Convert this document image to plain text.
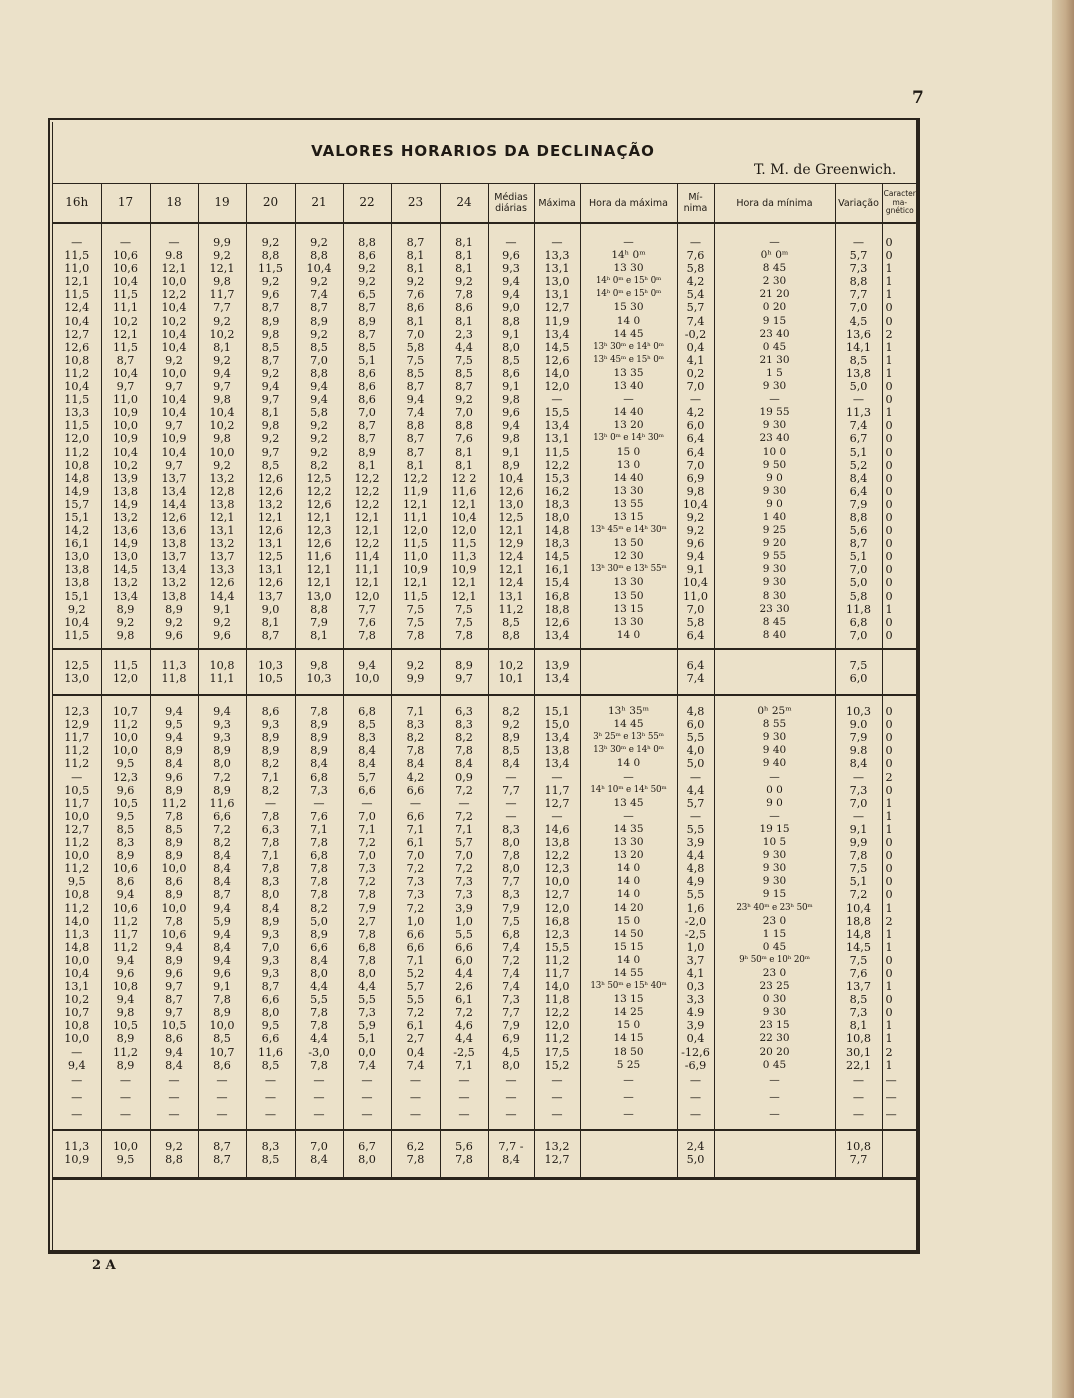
7
VALORES HORARIOS DA DECLINAÇÃO
T. M. de Greenwich.
16h	17	18	19	20	21	22	23	24	Médias diárias	Máxima	Hora da máxima	Mí-nima	Hora da mínima	Variação	Caracter ma-gnético

—	—	—	9,9	9,2	9,2	8,8	8,7	8,1	—	—	—	—	—	—	0
11,5	10,6	9.8	9,2	8,8	8,8	8,6	8,1	8,1	9,6	13,3	14ʰ 0ᵐ	7,6	0ʰ 0ᵐ	5,7	0
11,0	10,6	12,1	12,1	11,5	10,4	9,2	8,1	8,1	9,3	13,1	13 30	5,8	8 45	7,3	1
12,1	10,4	10,0	9,8	9,2	9,2	9,2	9,2	9,2	9,4	13,0	14ʰ 0ᵐ e 15ʰ 0ᵐ	4,2	2 30	8,8	1
11,5	11,5	12,2	11,7	9,6	7,4	6,5	7,6	7,8	9,4	13,1	14ʰ 0ᵐ e 15ʰ 0ᵐ	5,4	21 20	7,7	1
12,4	11,1	10,4	7,7	8,7	8,7	8,7	8,6	8,6	9,0	12,7	15 30	5,7	0 20	7,0	0
10,4	10,2	10,2	9,2	8,9	8,9	8,9	8,1	8,1	8,8	11,9	14 0	7,4	9 15	4,5	0
12,7	12,1	10,4	10,2	9,8	9,2	8,7	7,0	2,3	9,1	13,4	14 45	-0,2	23 40	13,6	2
12,6	11,5	10,4	8,1	8,5	8,5	8,5	5,8	4,4	8,0	14,5	13ʰ 30ᵐ e 14ʰ 0ᵐ	0,4	0 45	14,1	1
10,8	8,7	9,2	9,2	8,7	7,0	5,1	7,5	7,5	8,5	12,6	13ʰ 45ᵐ e 15ʰ 0ᵐ	4,1	21 30	8,5	1
11,2	10,4	10,0	9,4	9,2	8,8	8,6	8,5	8,5	8,6	14,0	13 35	0,2	1 5	13,8	1
10,4	9,7	9,7	9,7	9,4	9,4	8,6	8,7	8,7	9,1	12,0	13 40	7,0	9 30	5,0	0
11,5	11,0	10,4	9,8	9,7	9,4	8,6	9,4	9,2	9,8	—	—	—	—	—	0
13,3	10,9	10,4	10,4	8,1	5,8	7,0	7,4	7,0	9,6	15,5	14 40	4,2	19 55	11,3	1
11,5	10,0	9,7	10,2	9,8	9,2	8,7	8,8	8,8	9,4	13,4	13 20	6,0	9 30	7,4	0
12,0	10,9	10,9	9,8	9,2	9,2	8,7	8,7	7,6	9,8	13,1	13ʰ 0ᵐ e 14ʰ 30ᵐ	6,4	23 40	6,7	0
11,2	10,4	10,4	10,0	9,7	9,2	8,9	8,7	8,1	9,1	11,5	15 0	6,4	10 0	5,1	0
10,8	10,2	9,7	9,2	8,5	8,2	8,1	8,1	8,1	8,9	12,2	13 0	7,0	9 50	5,2	0
14,8	13,9	13,7	13,2	12,6	12,5	12,2	12,2	12 2	10,4	15,3	14 40	6,9	9 0	8,4	0
14,9	13,8	13,4	12,8	12,6	12,2	12,2	11,9	11,6	12,6	16,2	13 30	9,8	9 30	6,4	0
15,7	14,9	14,4	13,8	13,2	12,6	12,2	12,1	12,1	13,0	18,3	13 55	10,4	9 0	7,9	0
15,1	13,2	12,6	12,1	12,1	12,1	12,1	11,1	10,4	12,5	18,0	13 15	9,2	1 40	8,8	0
14,2	13,6	13,6	13,1	12,6	12,3	12,1	12,0	12,0	12,1	14,8	13ʰ 45ᵐ e 14ʰ 30ᵐ	9,2	9 25	5,6	0
16,1	14,9	13,8	13,2	13,1	12,6	12,2	11,5	11,5	12,9	18,3	13 50	9,6	9 20	8,7	0
13,0	13,0	13,7	13,7	12,5	11,6	11,4	11,0	11,3	12,4	14,5	12 30	9,4	9 55	5,1	0
13,8	14,5	13,4	13,3	13,1	12,1	11,1	10,9	10,9	12,1	16,1	13ʰ 30ᵐ e 13ʰ 55ᵐ	9,1	9 30	7,0	0
13,8	13,2	13,2	12,6	12,6	12,1	12,1	12,1	12,1	12,4	15,4	13 30	10,4	9 30	5,0	0
15,1	13,4	13,8	14,4	13,7	13,0	12,0	11,5	12,1	13,1	16,8	13 50	11,0	8 30	5,8	0
9,2	8,9	8,9	9,1	9,0	8,8	7,7	7,5	7,5	11,2	18,8	13 15	7,0	23 30	11,8	1
10,4	9,2	9,2	9,2	8,1	7,9	7,6	7,5	7,5	8,5	12,6	13 30	5,8	8 45	6,8	0
11,5	9,8	9,6	9,6	8,7	8,1	7,8	7,8	7,8	8,8	13,4	14 0	6,4	8 40	7,0	0

12,5	11,5	11,3	10,8	10,3	9,8	9,4	9,2	8,9	10,2	13,9		6,4		7,5	
13,0	12,0	11,8	11,1	10,5	10,3	10,0	9,9	9,7	10,1	13,4		7,4		6,0	

12,3	10,7	9,4	9,4	8,6	7,8	6,8	7,1	6,3	8,2	15,1	13ʰ 35ᵐ	4,8	0ʰ 25ᵐ	10,3	0
12,9	11,2	9,5	9,3	9,3	8,9	8,5	8,3	8,3	9,2	15,0	14 45	6,0	8 55	9.0	0
11,7	10,0	9,4	9,3	8,9	8,9	8,3	8,2	8,2	8,9	13,4	3ʰ 25ᵐ e 13ʰ 55ᵐ	5,5	9 30	7,9	0
11,2	10,0	8,9	8,9	8,9	8,9	8,4	7,8	7,8	8,5	13,8	13ʰ 30ᵐ e 14ʰ 0ᵐ	4,0	9 40	9.8	0
11,2	9,5	8,4	8,0	8,2	8,4	8,4	8,4	8,4	8,4	13,4	14 0	5,0	9 40	8,4	0
—	12,3	9,6	7,2	7,1	6,8	5,7	4,2	0,9	—	—	—	—	—	—	2
10,5	9,6	8,9	8,9	8,2	7,3	6,6	6,6	7,2	7,7	11,7	14ʰ 10ᵐ e 14ʰ 50ᵐ	4,4	0 0	7,3	0
11,7	10,5	11,2	11,6	—	—	—	—	—	—	12,7	13 45	5,7	9 0	7,0	1
10,0	9,5	7,8	6,6	7,8	7,6	7,0	6,6	7,2	—	—	—	—	—	—	1
12,7	8,5	8,5	7,2	6,3	7,1	7,1	7,1	7,1	8,3	14,6	14 35	5,5	19 15	9,1	1
11,2	8,3	8,9	8,2	7,8	7,8	7,2	6,1	5,7	8,0	13,8	13 30	3,9	10 5	9,9	0
10,0	8,9	8,9	8,4	7,1	6,8	7,0	7,0	7,0	7,8	12,2	13 20	4,4	9 30	7,8	0
11,2	10,6	10,0	8,4	7,8	7,8	7,3	7,2	7,2	8,0	12,3	14 0	4,8	9 30	7,5	0
9,5	8,6	8,6	8,4	8,3	7,8	7,2	7,3	7,3	7,7	10,0	14 0	4,9	9 30	5,1	0
10,8	9,4	8,9	8,7	8,0	7,8	7,8	7,3	7,3	8,3	12,7	14 0	5,5	9 15	7,2	0
11,2	10,6	10,0	9,4	8,4	8,2	7,9	7,2	3,9	7,9	12,0	14 20	1,6	23ʰ 40ᵐ e 23ʰ 50ᵐ	10,4	1
14,0	11,2	7,8	5,9	8,9	5,0	2,7	1,0	1,0	7,5	16,8	15 0	-2,0	23 0	18,8	2
11,3	11,7	10,6	9,4	9,3	8,9	7,8	6,6	5,5	6,8	12,3	14 50	-2,5	1 15	14,8	1
14,8	11,2	9,4	8,4	7,0	6,6	6,8	6,6	6,6	7,4	15,5	15 15	1,0	0 45	14,5	1
10,0	9,4	8,9	9,4	9,3	8,4	7,8	7,1	6,0	7,2	11,2	14 0	3,7	9ʰ 50ᵐ e 10ʰ 20ᵐ	7,5	0
10,4	9,6	9,6	9,6	9,3	8,0	8,0	5,2	4,4	7,4	11,7	14 55	4,1	23 0	7,6	0
13,1	10,8	9,7	9,1	8,7	4,4	4,4	5,7	2,6	7,4	14,0	13ʰ 50ᵐ e 15ʰ 40ᵐ	0,3	23 25	13,7	1
10,2	9,4	8,7	7,8	6,6	5,5	5,5	5,5	6,1	7,3	11,8	13 15	3,3	0 30	8,5	0
10,7	9,8	9,7	8,9	8,0	7,8	7,3	7,2	7,2	7,7	12,2	14 25	4.9	9 30	7,3	0
10,8	10,5	10,5	10,0	9,5	7,8	5,9	6,1	4,6	7,9	12,0	15 0	3,9	23 15	8,1	1
10,0	8,9	8,6	8,5	6,6	4,4	5,1	2,7	4,4	6,9	11,2	14 15	0,4	22 30	10,8	1
—	11,2	9,4	10,7	11,6	-3,0	0,0	0,4	-2,5	4,5	17,5	18 50	-12,6	20 20	30,1	2
9,4	8,9	8,4	8,6	8,5	7,8	7,4	7,4	7,1	8,0	15,2	5 25	-6,9	0 45	22,1	1
—	—	—	—	—	—	—	—	—	—	—	—	—	—	—	—
—	—	—	—	—	—	—	—	—	—	—	—	—	—	—	—
—	—	—	—	—	—	—	—	—	—	—	—	—	—	—	—

11,3	10,0	9,2	8,7	8,3	7,0	6,7	6,2	5,6	7,7 -	13,2		2,4		10,8	
10,9	9,5	8,8	8,7	8,5	8,4	8,0	7,8	7,8	8,4	12,7		5,0		7,7	

2 A
